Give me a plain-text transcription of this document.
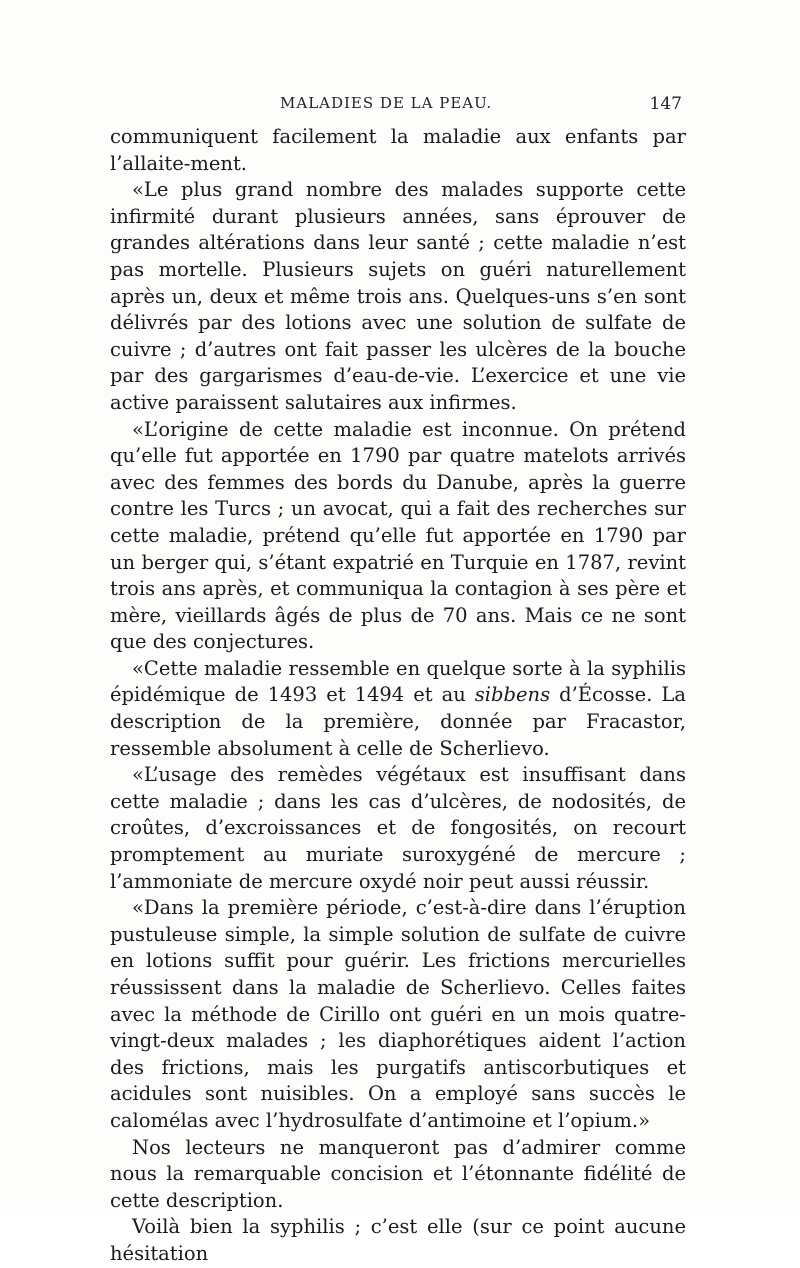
MALADIES DE LA PEAU.	147

communiquent facilement la maladie aux enfants par l’allaite-ment.

«Le plus grand nombre des malades supporte cette infirmité durant plusieurs années, sans éprouver de grandes altérations dans leur santé ; cette maladie n’est pas mortelle. Plusieurs sujets on guéri naturellement après un, deux et même trois ans. Quelques-uns s’en sont délivrés par des lotions avec une solution de sulfate de cuivre ; d’autres ont fait passer les ulcères de la bouche par des gargarismes d’eau-de-vie. L’exercice et une vie active paraissent salutaires aux infirmes.

«L’origine de cette maladie est inconnue. On prétend qu’elle fut apportée en 1790 par quatre matelots arrivés avec des femmes des bords du Danube, après la guerre contre les Turcs ; un avocat, qui a fait des recherches sur cette maladie, prétend qu’elle fut apportée en 1790 par un berger qui, s’étant expatrié en Turquie en 1787, revint trois ans après, et communiqua la contagion à ses père et mère, vieillards âgés de plus de 70 ans. Mais ce ne sont que des conjectures.

«Cette maladie ressemble en quelque sorte à la syphilis épidémique de 1493 et 1494 et au sibbens d’Écosse. La description de la première, donnée par Fracastor, ressemble absolument à celle de Scherlievo.

«L’usage des remèdes végétaux est insuffisant dans cette maladie ; dans les cas d’ulcères, de nodosités, de croûtes, d’excroissances et de fongosités, on recourt promptement au muriate suroxygéné de mercure ; l’ammoniate de mercure oxydé noir peut aussi réussir.

«Dans la première période, c’est-à-dire dans l’éruption pustuleuse simple, la simple solution de sulfate de cuivre en lotions suffit pour guérir. Les frictions mercurielles réussissent dans la maladie de Scherlievo. Celles faites avec la méthode de Cirillo ont guéri en un mois quatre-vingt-deux malades ; les diaphorétiques aident l’action des frictions, mais les purgatifs antiscorbutiques et acidules sont nuisibles. On a employé sans succès le calomélas avec l’hydrosulfate d’antimoine et l’opium.»

Nos lecteurs ne manqueront pas d’admirer comme nous la remarquable concision et l’étonnante fidélité de cette description.

Voilà bien la syphilis ; c’est elle (sur ce point aucune hésitation
